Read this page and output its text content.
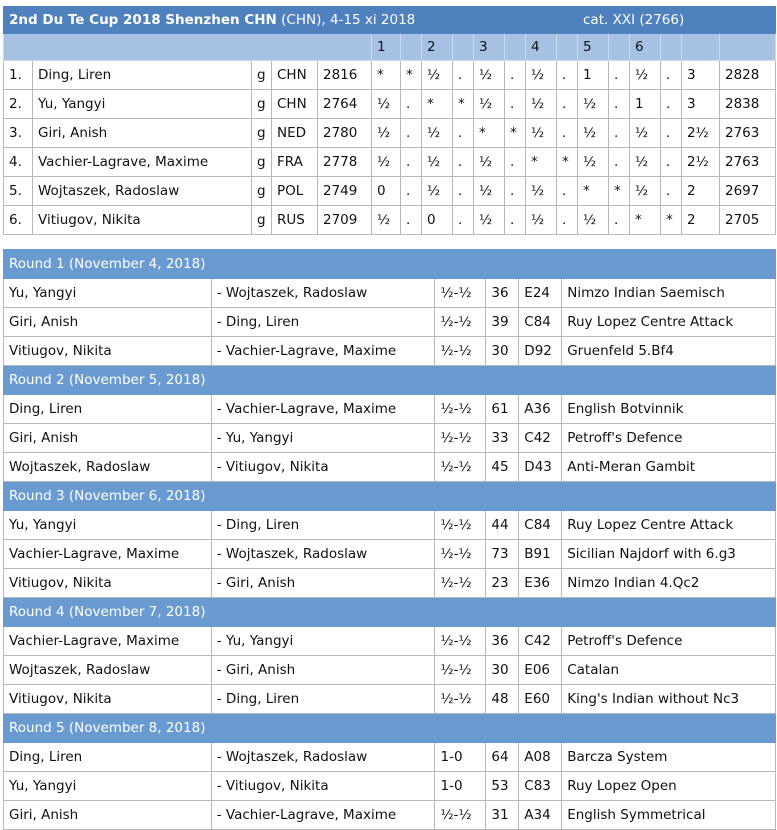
2nd Du Te Cup 2018 Shenzhen CHN (CHN), 4-15 xi 2018													cat. XXI (2766)					
					1		2		3		4		5		6			
1.	Ding, Liren	g	CHN	2816	*	*	½	.	½	.	½	.	1	.	½	.	3	2828
2.	Yu, Yangyi	g	CHN	2764	½	.	*	*	½	.	½	.	½	.	1	.	3	2838
3.	Giri, Anish	g	NED	2780	½	.	½	.	*	*	½	.	½	.	½	.	2½	2763
4.	Vachier-Lagrave, Maxime	g	FRA	2778	½	.	½	.	½	.	*	*	½	.	½	.	2½	2763
5.	Wojtaszek, Radoslaw	g	POL	2749	0	.	½	.	½	.	½	.	*	*	½	.	2	2697
6.	Vitiugov, Nikita	g	RUS	2709	½	.	0	.	½	.	½	.	½	.	*	*	2	2705
Round 1 (November 4, 2018)					
Yu, Yangyi	- Wojtaszek, Radoslaw	½-½	36	E24	Nimzo Indian Saemisch
Giri, Anish	- Ding, Liren	½-½	39	C84	Ruy Lopez Centre Attack
Vitiugov, Nikita	- Vachier-Lagrave, Maxime	½-½	30	D92	Gruenfeld 5.Bf4
Round 2 (November 5, 2018)					
Ding, Liren	- Vachier-Lagrave, Maxime	½-½	61	A36	English Botvinnik
Giri, Anish	- Yu, Yangyi	½-½	33	C42	Petroff's Defence
Wojtaszek, Radoslaw	- Vitiugov, Nikita	½-½	45	D43	Anti-Meran Gambit
Round 3 (November 6, 2018)					
Yu, Yangyi	- Ding, Liren	½-½	44	C84	Ruy Lopez Centre Attack
Vachier-Lagrave, Maxime	- Wojtaszek, Radoslaw	½-½	73	B91	Sicilian Najdorf with 6.g3
Vitiugov, Nikita	- Giri, Anish	½-½	23	E36	Nimzo Indian 4.Qc2
Round 4 (November 7, 2018)					
Vachier-Lagrave, Maxime	- Yu, Yangyi	½-½	36	C42	Petroff's Defence
Wojtaszek, Radoslaw	- Giri, Anish	½-½	30	E06	Catalan
Vitiugov, Nikita	- Ding, Liren	½-½	48	E60	King's Indian without Nc3
Round 5 (November 8, 2018)					
Ding, Liren	- Wojtaszek, Radoslaw	1-0	64	A08	Barcza System
Yu, Yangyi	- Vitiugov, Nikita	1-0	53	C83	Ruy Lopez Open
Giri, Anish	- Vachier-Lagrave, Maxime	½-½	31	A34	English Symmetrical
